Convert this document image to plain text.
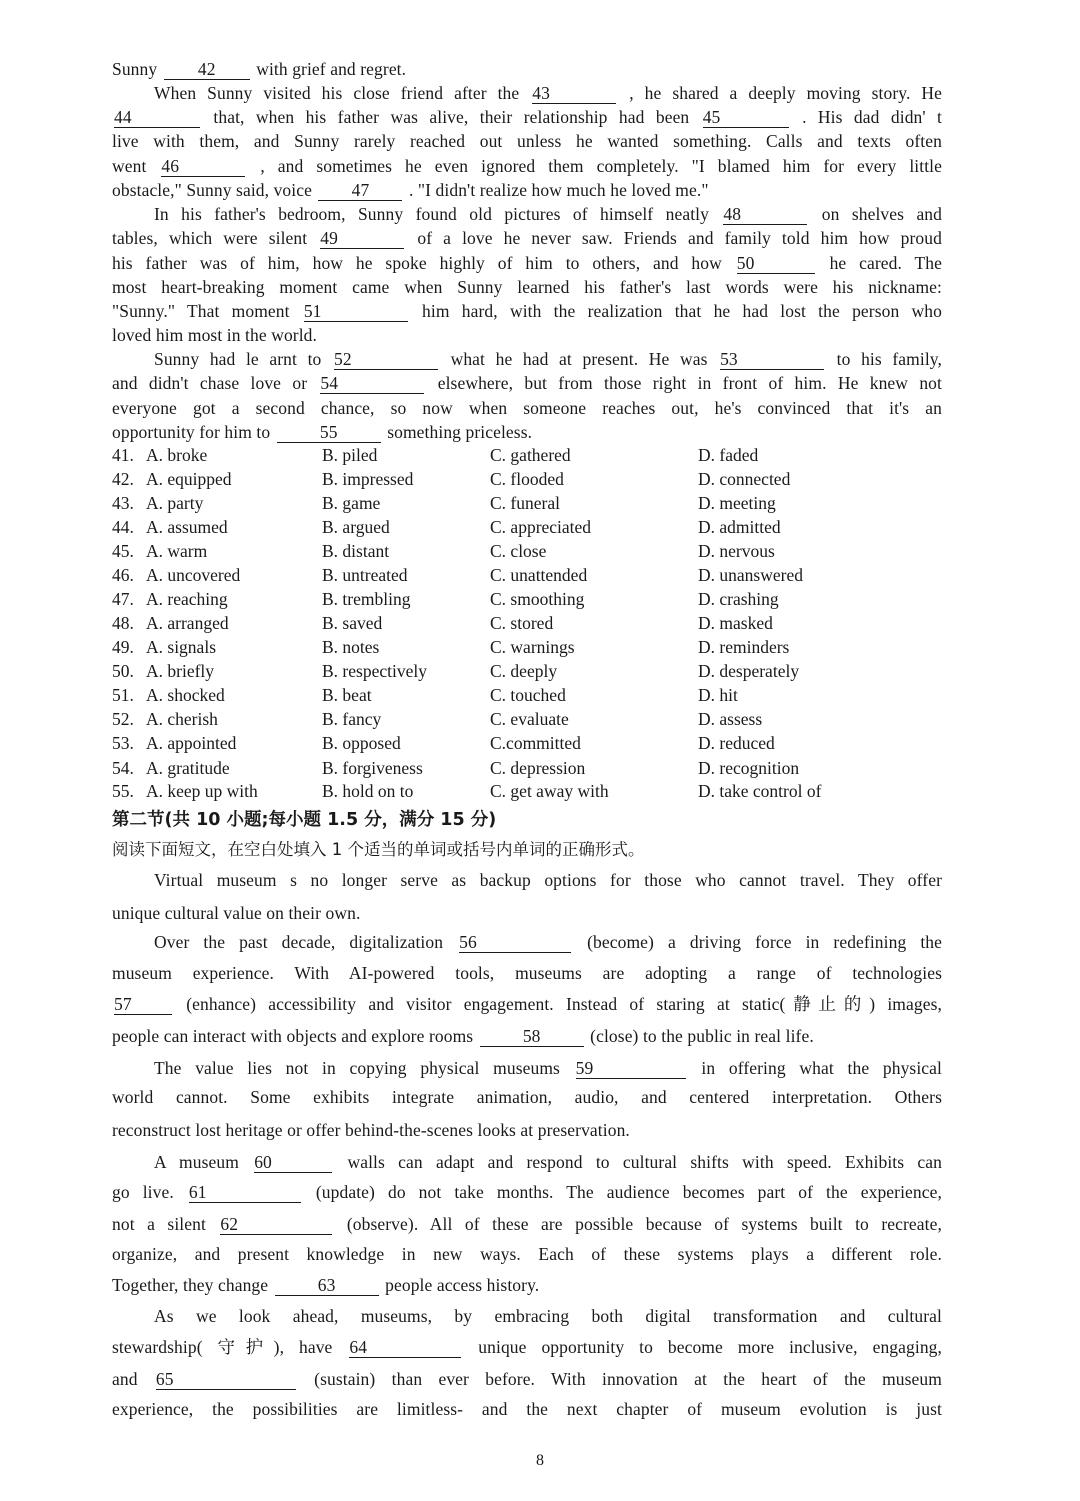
Sunny 42 with grief and regret.
When Sunny visited his close friend after the 43	, he shared a deeply moving story. He
44	that, when his father was alive, their relationship had been 45	. His dad didn' t
live with them, and Sunny rarely reached out unless he wanted something. Calls and texts often
went 46	, and sometimes he even ignored them completely. "I blamed him for every little
obstacle," Sunny said, voice 47 . "I didn't realize how much he loved me."
In his father's bedroom, Sunny found old pictures of himself neatly 48	on shelves and
tables, which were silent 49	of a love he never saw. Friends and family told him how proud
his father was of him, how he spoke highly of him to others, and how 50	he cared. The
most heart-breaking moment came when Sunny learned his father's last words were his nickname:
"Sunny." That moment 51	him hard, with the realization that he had lost the person who
loved him most in the world.
Sunny had le arnt to 52	what he had at present. He was 53	to his family,
and didn't chase love or 54	elsewhere, but from those right in front of him. He knew not
everyone got a second chance, so now when someone reaches out, he's convinced that it's an
opportunity for him to	55	something priceless.
41. A. broke	B. piled	C. gathered	D. faded
42. A. equipped	B. impressed	C. flooded	D. connected
43. A. party	B. game	C. funeral	D. meeting
44. A. assumed	B. argued	C. appreciated	D. admitted
45. A. warm	B. distant	C. close	D. nervous
46. A. uncovered	B. untreated	C. unattended	D. unanswered
47. A. reaching	B. trembling	C. smoothing	D. crashing
48. A. arranged	B. saved	C. stored	D. masked
49. A. signals	B. notes	C. warnings	D. reminders
50. A. briefly	B. respectively	C. deeply	D. desperately
51. A. shocked	B. beat	C. touched	D. hit
52. A. cherish	B. fancy	C. evaluate	D. assess
53. A. appointed	B. opposed	C.committed	D. reduced
54. A. gratitude	B. forgiveness	C. depression	D. recognition
55. A. keep up with	B. hold on to	C. get away with	D. take control of
第二节(共 10 小题;每小题 1.5 分，满分 15 分)
阅读下面短文，在空白处填入 1 个适当的单词或括号内单词的正确形式。
Virtual museum s no longer serve as backup options for those who cannot travel. They offer
unique cultural value on their own.
Over the past decade, digitalization 56	(become) a driving force in redefining the
museum experience. With AI-powered tools, museums are adopting a range of technologies
57	(enhance) accessibility and visitor engagement. Instead of staring at static(静止的) images,
people can interact with objects and explore rooms	58	(close) to the public in real life.
The value lies not in copying physical museums 59	in offering what the physical
world cannot. Some exhibits integrate animation, audio, and centered interpretation. Others
reconstruct lost heritage or offer behind-the-scenes looks at preservation.
A museum 60	walls can adapt and respond to cultural shifts with speed. Exhibits can
go live. 61	(update) do not take months. The audience becomes part of the experience,
not a silent 62	(observe). All of these are possible because of systems built to recreate,
organize, and present knowledge in new ways. Each of these systems plays a different role.
Together, they change	63	people access history.
As we look ahead, museums, by embracing both digital transformation and cultural
stewardship( 守护), have 64	unique opportunity to become more inclusive, engaging,
and 65	(sustain) than ever before. With innovation at the heart of the museum
experience, the possibilities are limitless- and the next chapter of museum evolution is just
8
